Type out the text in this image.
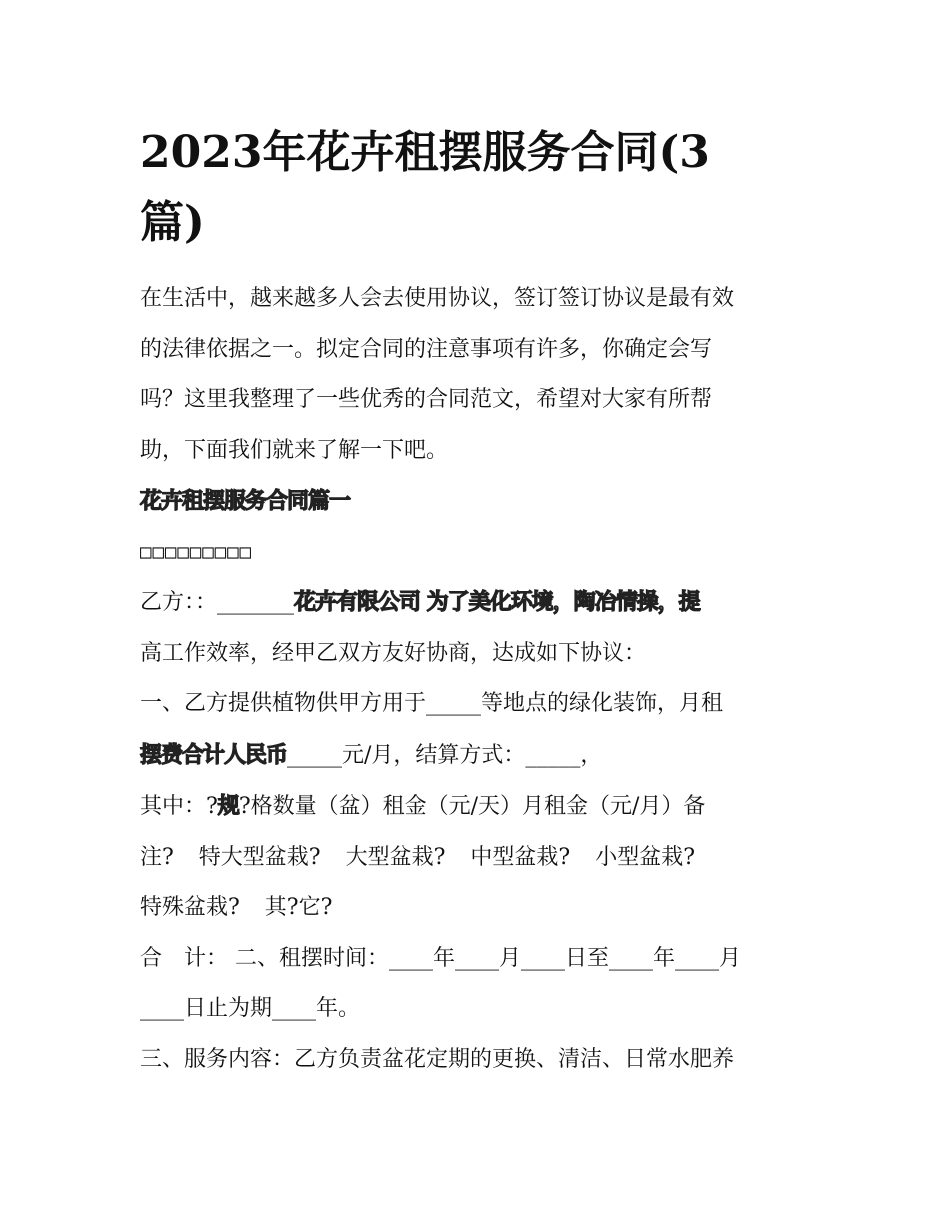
2023年花卉租摆服务合同(3
篇)

在生活中，越来越多人会去使用协议，签订签订协议是最有效

的法律依据之一。拟定合同的注意事项有许多，你确定会写

吗？这里我整理了一些优秀的合同范文，希望对大家有所帮

助，下面我们就来了解一下吧。

花卉租摆服务合同篇一

□□□□□□□□□

乙方：：_______花卉有限公司 为了美化环境，陶冶情操，提

高工作效率，经甲乙双方友好协商，达成如下协议：

一、乙方提供植物供甲方用于_____等地点的绿化装饰，月租

摆费合计人民币_____元/月，结算方式：_____，

其中：?规?格数量（盆）租金（元/天）月租金（元/月）备

注? 特大型盆栽? 大型盆栽? 中型盆栽? 小型盆栽?

特殊盆栽? 其?它?

合　计： 二、租摆时间：____年____月____日至____年____月

____日止为期____年。

三、服务内容：乙方负责盆花定期的更换、清洁、日常水肥养
